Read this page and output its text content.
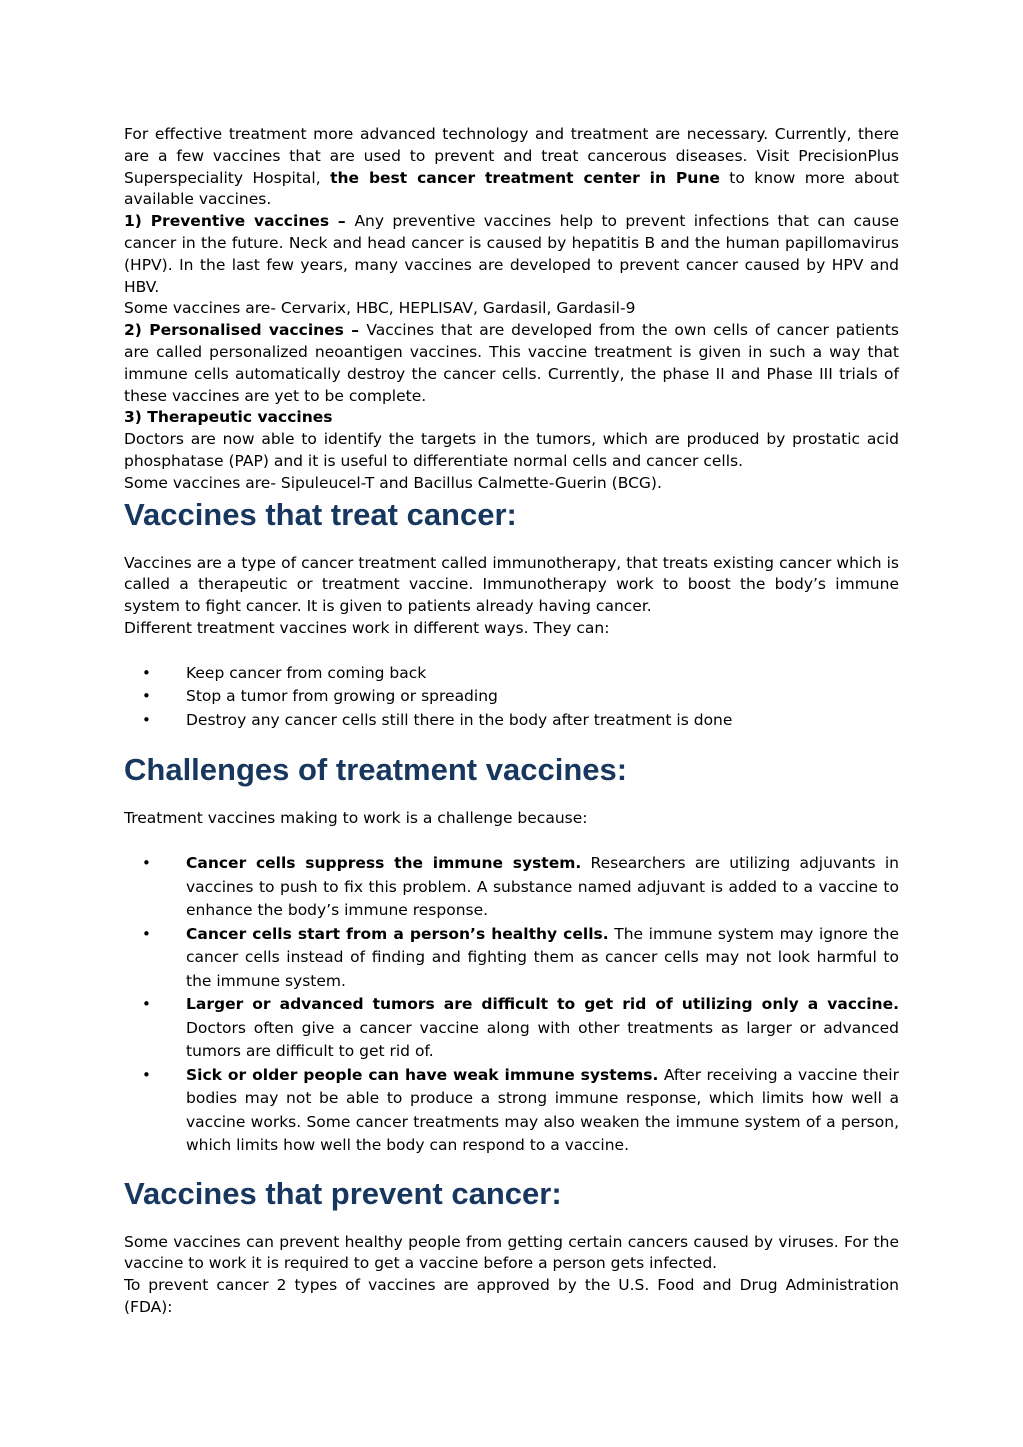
For effective treatment more advanced technology and treatment are necessary. Currently, there are a few vaccines that are used to prevent and treat cancerous diseases. Visit PrecisionPlus Superspeciality Hospital, the best cancer treatment center in Pune to know more about available vaccines.

1) Preventive vaccines – Any preventive vaccines help to prevent infections that can cause cancer in the future. Neck and head cancer is caused by hepatitis B and the human papillomavirus (HPV). In the last few years, many vaccines are developed to prevent cancer caused by HPV and HBV.

Some vaccines are- Cervarix, HBC, HEPLISAV, Gardasil, Gardasil-9

2) Personalised vaccines – Vaccines that are developed from the own cells of cancer patients are called personalized neoantigen vaccines. This vaccine treatment is given in such a way that immune cells automatically destroy the cancer cells. Currently, the phase II and Phase III trials of these vaccines are yet to be complete.

3) Therapeutic vaccines

Doctors are now able to identify the targets in the tumors, which are produced by prostatic acid phosphatase (PAP) and it is useful to differentiate normal cells and cancer cells.

Some vaccines are- Sipuleucel-T and Bacillus Calmette-Guerin (BCG).

Vaccines that treat cancer:

Vaccines are a type of cancer treatment called immunotherapy, that treats existing cancer which is called a therapeutic or treatment vaccine. Immunotherapy work to boost the body’s immune system to fight cancer. It is given to patients already having cancer.

Different treatment vaccines work in different ways. They can:

• Keep cancer from coming back
• Stop a tumor from growing or spreading
• Destroy any cancer cells still there in the body after treatment is done
Challenges of treatment vaccines:

Treatment vaccines making to work is a challenge because:

• Cancer cells suppress the immune system. Researchers are utilizing adjuvants in vaccines to push to fix this problem. A substance named adjuvant is added to a vaccine to enhance the body’s immune response.
• Cancer cells start from a person’s healthy cells. The immune system may ignore the cancer cells instead of finding and fighting them as cancer cells may not look harmful to the immune system.
• Larger or advanced tumors are difficult to get rid of utilizing only a vaccine. Doctors often give a cancer vaccine along with other treatments as larger or advanced tumors are difficult to get rid of.
• Sick or older people can have weak immune systems. After receiving a vaccine their bodies may not be able to produce a strong immune response, which limits how well a vaccine works. Some cancer treatments may also weaken the immune system of a person, which limits how well the body can respond to a vaccine.
Vaccines that prevent cancer:

Some vaccines can prevent healthy people from getting certain cancers caused by viruses. For the vaccine to work it is required to get a vaccine before a person gets infected.

To prevent cancer 2 types of vaccines are approved by the U.S. Food and Drug Administration (FDA):
